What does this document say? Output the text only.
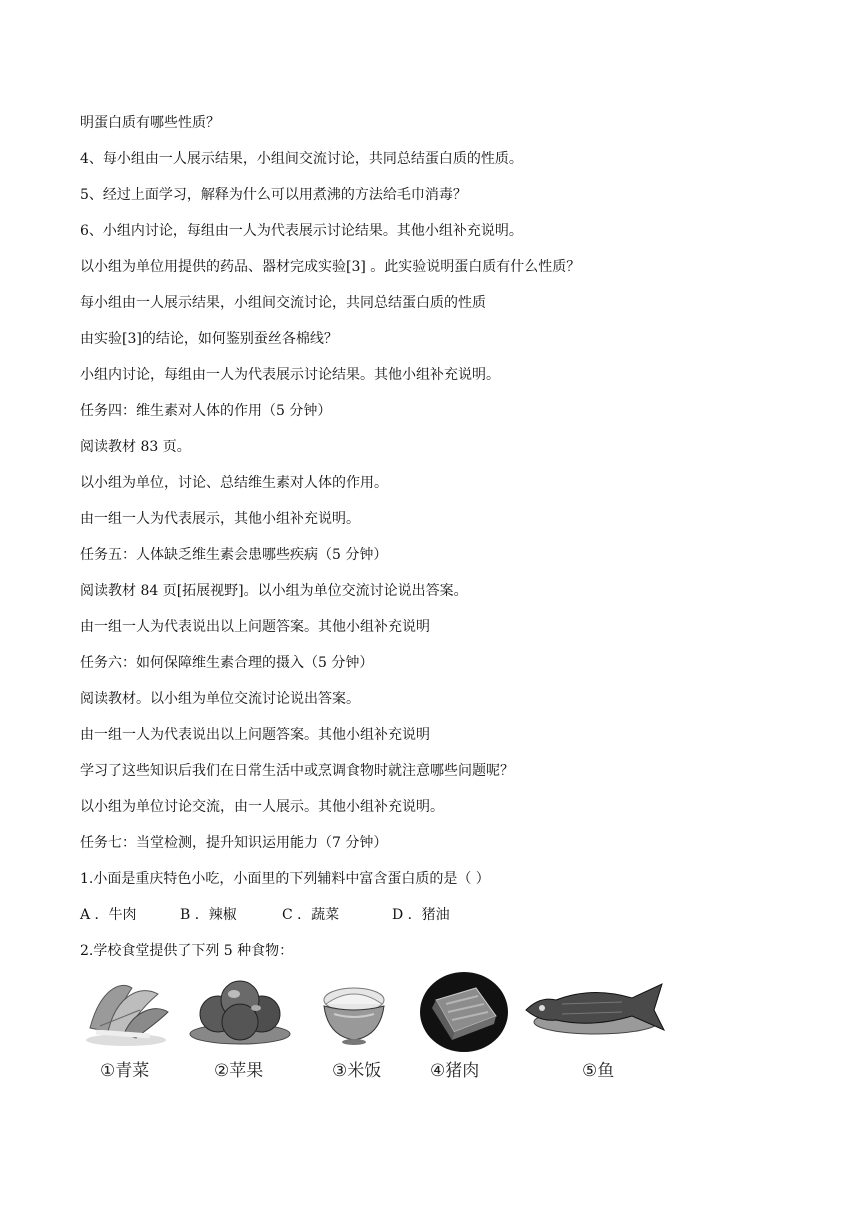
明蛋白质有哪些性质？
4、每小组由一人展示结果，小组间交流讨论，共同总结蛋白质的性质。
5、经过上面学习，解释为什么可以用煮沸的方法给毛巾消毒？
6、小组内讨论，每组由一人为代表展示讨论结果。其他小组补充说明。
以小组为单位用提供的药品、器材完成实验[3] 。此实验说明蛋白质有什么性质？
每小组由一人展示结果，小组间交流讨论，共同总结蛋白质的性质
由实验[3]的结论，如何鉴别蚕丝各棉线？
小组内讨论，每组由一人为代表展示讨论结果。其他小组补充说明。
任务四：维生素对人体的作用（5 分钟）
阅读教材 83 页。
以小组为单位，讨论、总结维生素对人体的作用。
由一组一人为代表展示，其他小组补充说明。
任务五：人体缺乏维生素会患哪些疾病（5 分钟）
阅读教材 84 页[拓展视野]。以小组为单位交流讨论说出答案。
由一组一人为代表说出以上问题答案。其他小组补充说明
任务六：如何保障维生素合理的摄入（5 分钟）
阅读教材。以小组为单位交流讨论说出答案。
由一组一人为代表说出以上问题答案。其他小组补充说明
学习了这些知识后我们在日常生活中或烹调食物时就注意哪些问题呢？
以小组为单位讨论交流，由一人展示。其他小组补充说明。
任务七：当堂检测，提升知识运用能力（7 分钟）
1.小面是重庆特色小吃，小面里的下列辅料中富含蛋白质的是（ ）
A ．牛肉	B ．辣椒	C ．蔬菜	D ．猪油
2.学校食堂提供了下列 5 种食物：
①青菜	②苹果	③米饭	④猪肉	⑤鱼
